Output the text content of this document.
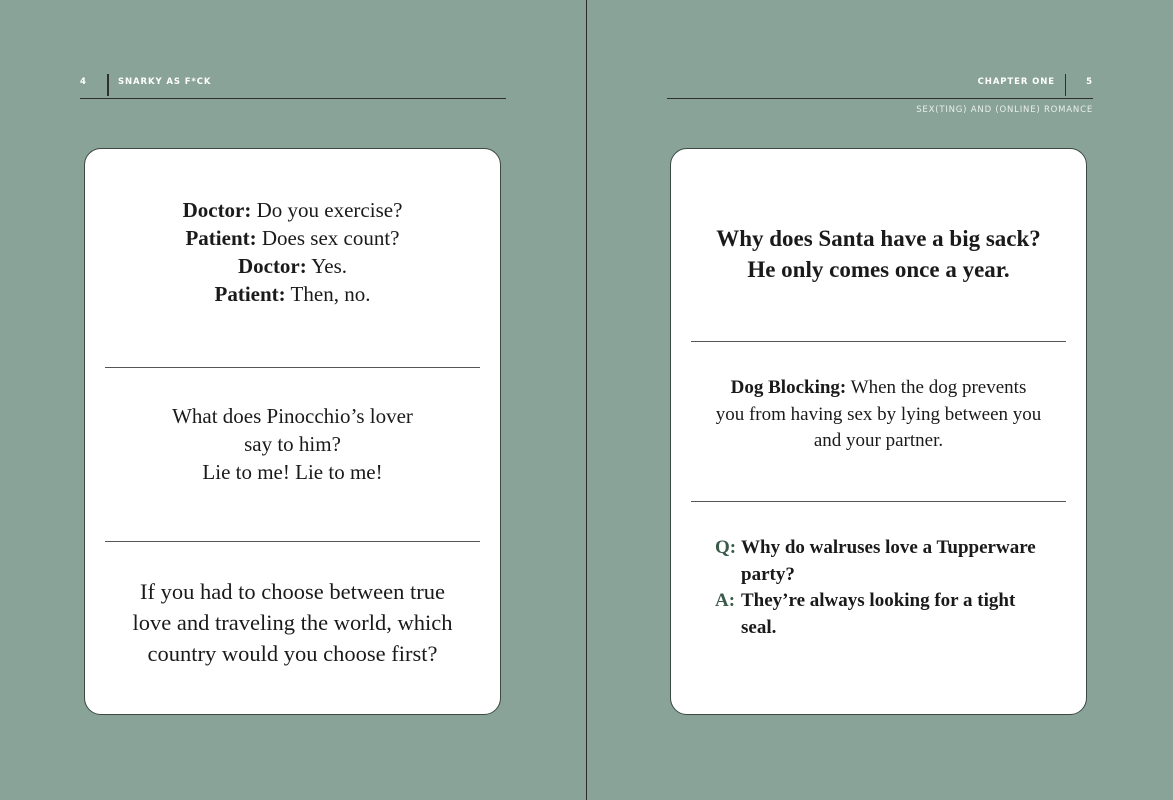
4	SNARKY AS F*CK
Doctor: Do you exercise?
Patient: Does sex count?
Doctor: Yes.
Patient: Then, no.
What does Pinocchio’s lover
say to him?
Lie to me! Lie to me!
If you had to choose between true
love and traveling the world, which
country would you choose first?
CHAPTER ONE	5
SEX(TING) AND (ONLINE) ROMANCE
Why does Santa have a big sack?
He only comes once a year.
Dog Blocking: When the dog prevents
you from having sex by lying between you
and your partner.
Q: Why do walruses love a Tupperware
party?
A: They’re always looking for a tight
seal.
